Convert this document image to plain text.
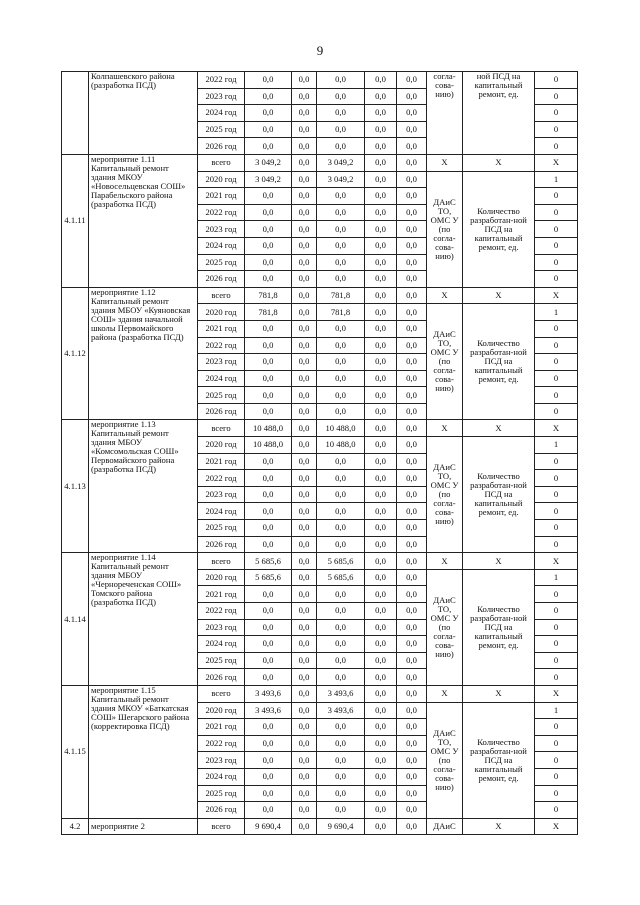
9
	Колпашевского района (разработка ПСД)	2022 год	0,0	0,0	0,0	0,0	0,0	согла-сова-нию)	ной ПСД на капитальный ремонт, ед.	0
		2023 год	0,0	0,0	0,0	0,0	0,0			0
		2024 год	0,0	0,0	0,0	0,0	0,0			0
		2025 год	0,0	0,0	0,0	0,0	0,0			0
		2026 год	0,0	0,0	0,0	0,0	0,0			0
4.1.11	мероприятие 1.11 Капитальный ремонт здания МКОУ «Новосельцевская СОШ» Парабельского района (разработка ПСД)	всего	3 049,2	0,0	3 049,2	0,0	0,0	X	X	X
		2020 год	3 049,2	0,0	3 049,2	0,0	0,0	ДАиС ТО, ОМС У (по согла-сова-нию)	Количество разработан-ной ПСД на капитальный ремонт, ед.	1
		2021 год	0,0	0,0	0,0	0,0	0,0			0
		2022 год	0,0	0,0	0,0	0,0	0,0			0
		2023 год	0,0	0,0	0,0	0,0	0,0			0
		2024 год	0,0	0,0	0,0	0,0	0,0			0
		2025 год	0,0	0,0	0,0	0,0	0,0			0
		2026 год	0,0	0,0	0,0	0,0	0,0			0
4.1.12	мероприятие 1.12 Капитальный ремонт здания МБОУ «Куяновская СОШ» здания начальной школы Первомайского района (разработка ПСД)	всего	781,8	0,0	781,8	0,0	0,0	X	X	X
		2020 год	781,8	0,0	781,8	0,0	0,0	ДАиС ТО, ОМС У (по согла-сова-нию)	Количество разработан-ной ПСД на капитальный ремонт, ед.	1
		2021 год	0,0	0,0	0,0	0,0	0,0			0
		2022 год	0,0	0,0	0,0	0,0	0,0			0
		2023 год	0,0	0,0	0,0	0,0	0,0			0
		2024 год	0,0	0,0	0,0	0,0	0,0			0
		2025 год	0,0	0,0	0,0	0,0	0,0			0
		2026 год	0,0	0,0	0,0	0,0	0,0			0
4.1.13	мероприятие 1.13 Капитальный ремонт здания МБОУ «Комсомольская СОШ» Первомайского района (разработка ПСД)	всего	10 488,0	0,0	10 488,0	0,0	0,0	X	X	X
		2020 год	10 488,0	0,0	10 488,0	0,0	0,0	ДАиС ТО, ОМС У (по согла-сова-нию)	Количество разработан-ной ПСД на капитальный ремонт, ед.	1
		2021 год	0,0	0,0	0,0	0,0	0,0			0
		2022 год	0,0	0,0	0,0	0,0	0,0			0
		2023 год	0,0	0,0	0,0	0,0	0,0			0
		2024 год	0,0	0,0	0,0	0,0	0,0			0
		2025 год	0,0	0,0	0,0	0,0	0,0			0
		2026 год	0,0	0,0	0,0	0,0	0,0			0
4.1.14	мероприятие 1.14 Капитальный ремонт здания МБОУ «Чернореченская СОШ» Томского района (разработка ПСД)	всего	5 685,6	0,0	5 685,6	0,0	0,0	X	X	X
		2020 год	5 685,6	0,0	5 685,6	0,0	0,0	ДАиС ТО, ОМС У (по согла-сова-нию)	Количество разработан-ной ПСД на капитальный ремонт, ед.	1
		2021 год	0,0	0,0	0,0	0,0	0,0			0
		2022 год	0,0	0,0	0,0	0,0	0,0			0
		2023 год	0,0	0,0	0,0	0,0	0,0			0
		2024 год	0,0	0,0	0,0	0,0	0,0			0
		2025 год	0,0	0,0	0,0	0,0	0,0			0
		2026 год	0,0	0,0	0,0	0,0	0,0			0
4.1.15	мероприятие 1.15 Капитальный ремонт здания МКОУ «Баткатская СОШ» Шегарского района (корректировка ПСД)	всего	3 493,6	0,0	3 493,6	0,0	0,0	X	X	X
		2020 год	3 493,6	0,0	3 493,6	0,0	0,0	ДАиС ТО, ОМС У (по согла-сова-нию)	Количество разработан-ной ПСД на капитальный ремонт, ед.	1
		2021 год	0,0	0,0	0,0	0,0	0,0			0
		2022 год	0,0	0,0	0,0	0,0	0,0			0
		2023 год	0,0	0,0	0,0	0,0	0,0			0
		2024 год	0,0	0,0	0,0	0,0	0,0			0
		2025 год	0,0	0,0	0,0	0,0	0,0			0
		2026 год	0,0	0,0	0,0	0,0	0,0			0
4.2	мероприятие 2	всего	9 690,4	0,0	9 690,4	0,0	0,0	ДАиС	X	X
